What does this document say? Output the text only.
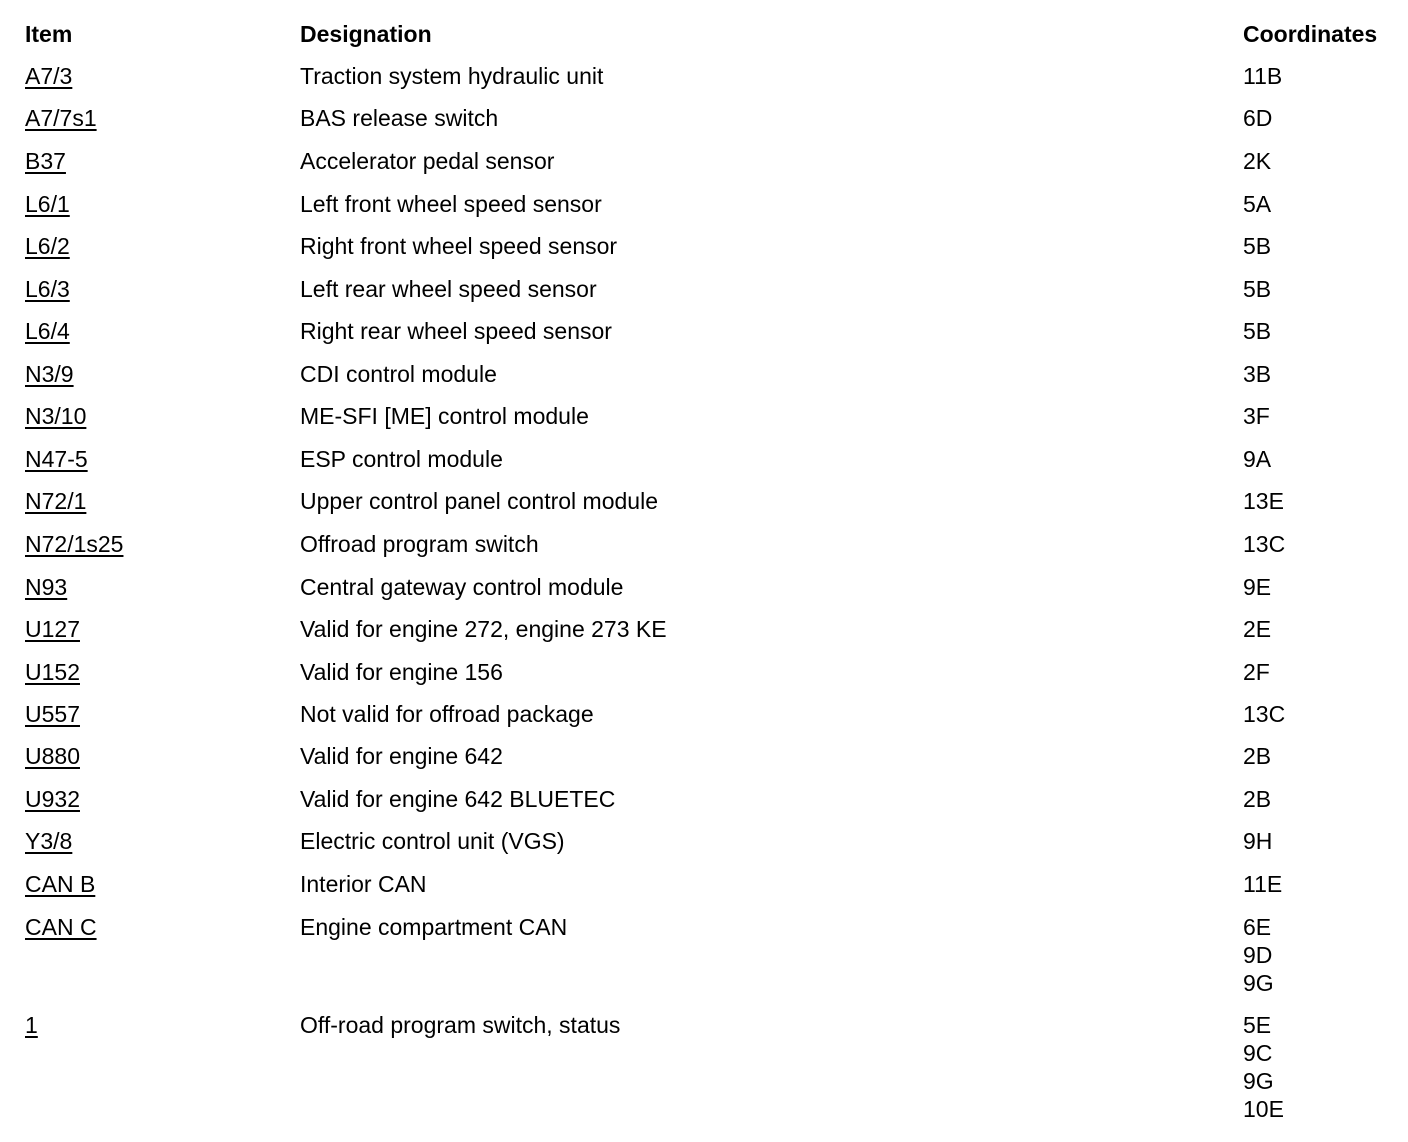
Item	Designation	Coordinates
A7/3	Traction system hydraulic unit	11B
A7/7s1	BAS release switch	6D
B37	Accelerator pedal sensor	2K
L6/1	Left front wheel speed sensor	5A
L6/2	Right front wheel speed sensor	5B
L6/3	Left rear wheel speed sensor	5B
L6/4	Right rear wheel speed sensor	5B
N3/9	CDI control module	3B
N3/10	ME-SFI [ME] control module	3F
N47-5	ESP control module	9A
N72/1	Upper control panel control module	13E
N72/1s25	Offroad program switch	13C
N93	Central gateway control module	9E
U127	Valid for engine 272, engine 273 KE	2E
U152	Valid for engine 156	2F
U557	Not valid for offroad package	13C
U880	Valid for engine 642	2B
U932	Valid for engine 642 BLUETEC	2B
Y3/8	Electric control unit (VGS)	9H
CAN B	Interior CAN	11E
CAN C	Engine compartment CAN	6E
9D
9G
1	Off-road program switch, status	5E
9C
9G
10E
